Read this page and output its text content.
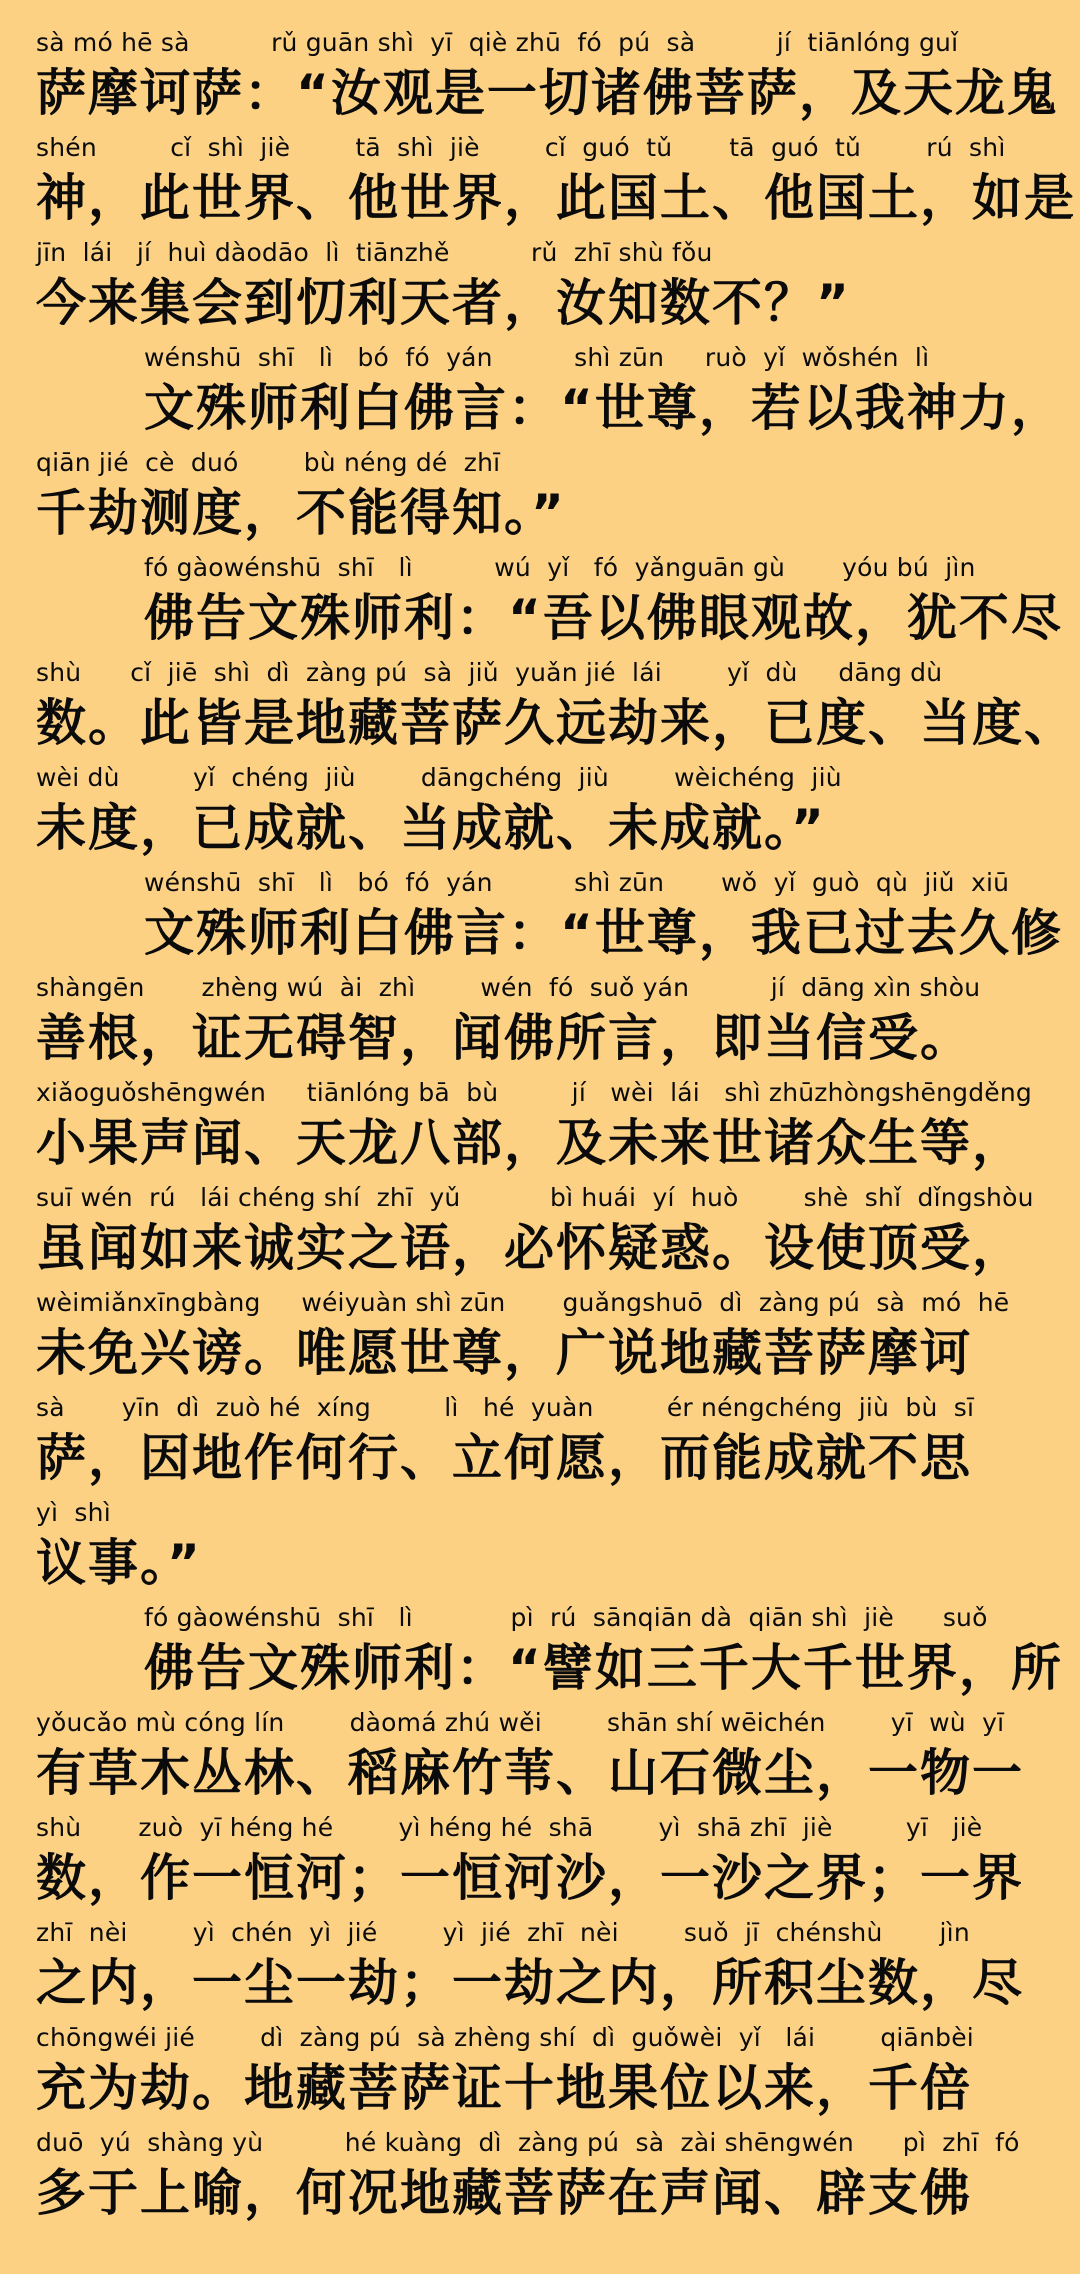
sà mó hē sà          rǔ guān shì  yī  qiè zhū  fó  pú  sà          jí  tiānlóng guǐ
萨摩诃萨：“汝观是一切诸佛菩萨，及天龙鬼
shén         cǐ  shì  jiè        tā  shì  jiè        cǐ  guó  tǔ       tā  guó  tǔ        rú  shì
神，此世界、他世界，此国土、他国土，如是
jīn  lái   jí  huì dàodāo  lì  tiānzhě          rǔ  zhī shù fǒu
今来集会到忉利天者，汝知数不？”
wénshū  shī   lì   bó  fó  yán          shì zūn     ruò  yǐ  wǒshén  lì
文殊师利白佛言：“世尊，若以我神力，
qiān jié  cè  duó        bù néng dé  zhī
千劫测度，不能得知。”
fó gàowénshū  shī   lì          wú  yǐ   fó  yǎnguān gù       yóu bú  jìn
佛告文殊师利：“吾以佛眼观故，犹不尽
shù      cǐ  jiē  shì  dì  zàng pú  sà  jiǔ  yuǎn jié  lái        yǐ  dù     dāng dù
数。此皆是地藏菩萨久远劫来，已度、当度、
wèi dù         yǐ  chéng  jiù        dāngchéng  jiù        wèichéng  jiù
未度，已成就、当成就、未成就。”
wénshū  shī   lì   bó  fó  yán          shì zūn       wǒ  yǐ  guò  qù  jiǔ  xiū
文殊师利白佛言：“世尊，我已过去久修
shàngēn       zhèng wú  ài  zhì        wén  fó  suǒ yán          jí  dāng xìn shòu
善根，证无碍智，闻佛所言，即当信受。
xiǎoguǒshēngwén     tiānlóng bā  bù         jí   wèi  lái   shì zhūzhòngshēngděng
小果声闻、天龙八部，及未来世诸众生等，
suī wén  rú   lái chéng shí  zhī  yǔ           bì huái  yí  huò        shè  shǐ  dǐngshòu
虽闻如来诚实之语，必怀疑惑。设使顶受，
wèimiǎnxīngbàng     wéiyuàn shì zūn       guǎngshuō  dì  zàng pú  sà  mó  hē
未免兴谤。唯愿世尊，广说地藏菩萨摩诃
sà       yīn  dì  zuò hé  xíng         lì   hé  yuàn         ér néngchéng  jiù  bù  sī
萨，因地作何行、立何愿，而能成就不思
yì  shì
议事。”
fó gàowénshū  shī   lì            pì  rú  sānqiān dà  qiān shì  jiè      suǒ
佛告文殊师利：“譬如三千大千世界，所
yǒucǎo mù cóng lín        dàomá zhú wěi        shān shí wēichén        yī  wù  yī
有草木丛林、稻麻竹苇、山石微尘，一物一
shù       zuò  yī héng hé        yì héng hé  shā        yì  shā zhī  jiè         yī   jiè
数，作一恒河；一恒河沙，一沙之界；一界
zhī  nèi        yì  chén  yì  jié        yì  jié  zhī  nèi        suǒ  jī  chénshù       jìn
之内，一尘一劫；一劫之内，所积尘数，尽
chōngwéi jié        dì  zàng pú  sà zhèng shí  dì  guǒwèi  yǐ   lái        qiānbèi
充为劫。地藏菩萨证十地果位以来，千倍
duō  yú  shàng yù          hé kuàng  dì  zàng pú  sà  zài shēngwén      pì  zhī  fó
多于上喻，何况地藏菩萨在声闻、辟支佛
